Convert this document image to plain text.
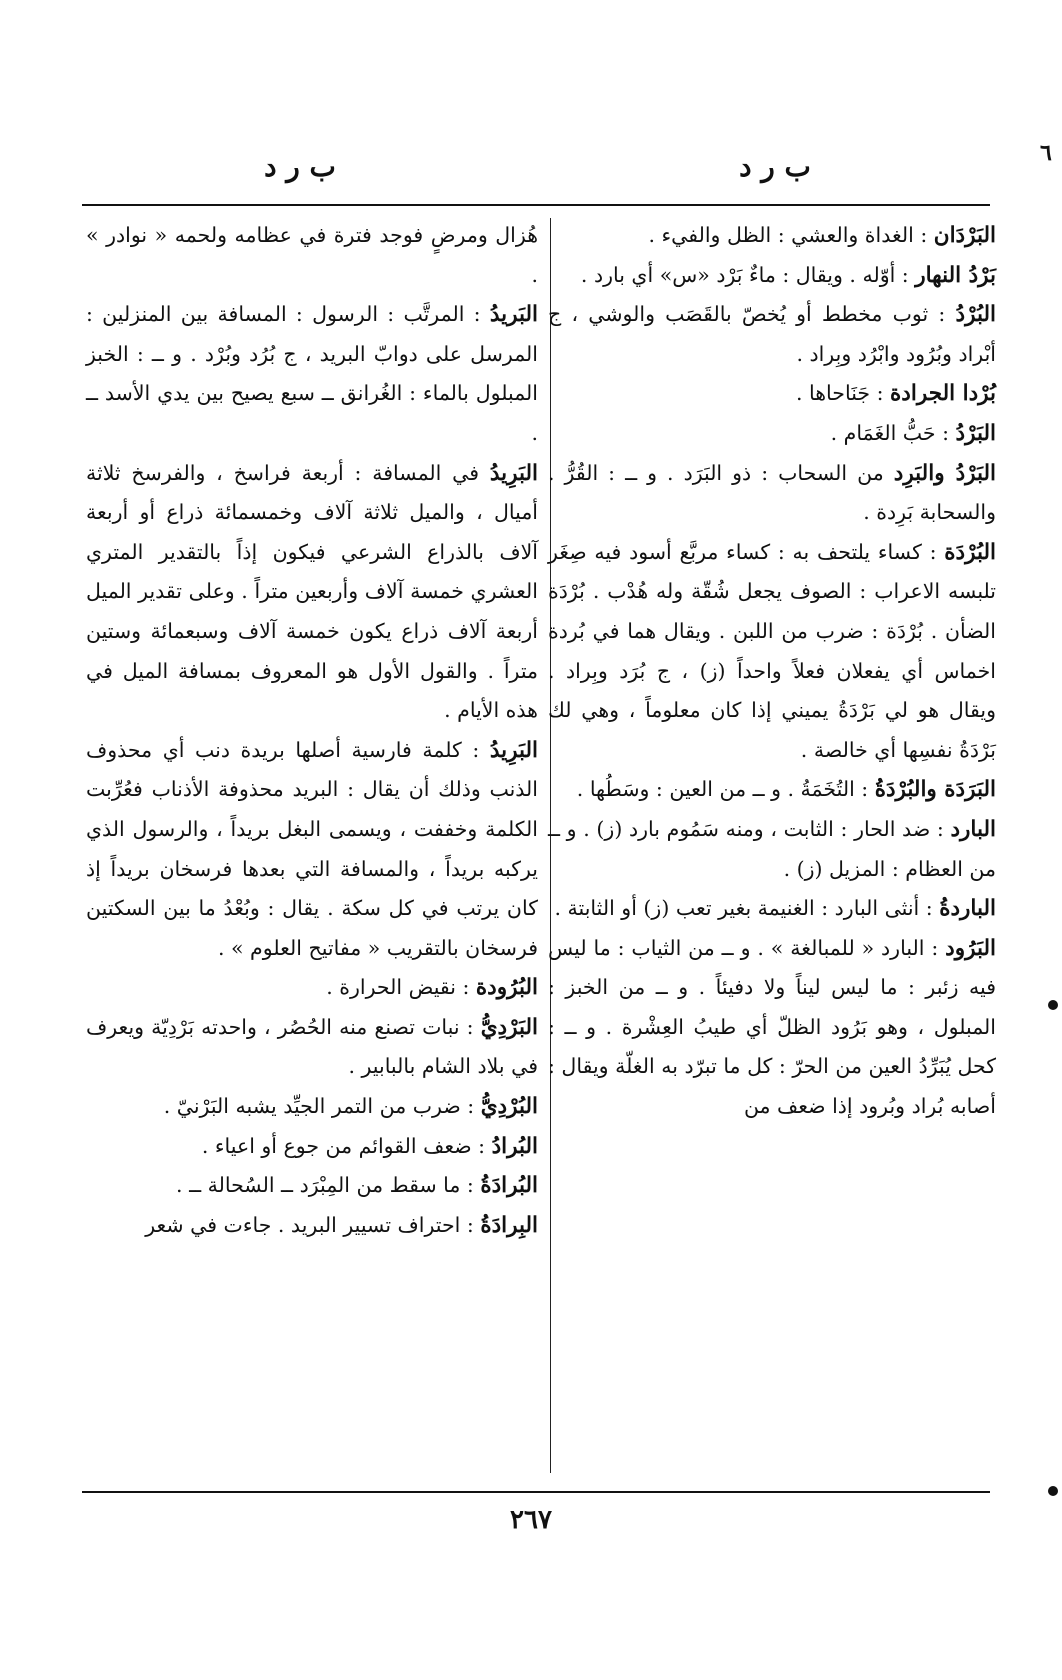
٦
ب ر د
ب ر د

البَرْدَان : الغداة والعشي : الظل والفيء .

بَرْدُ النهار : أوّله . ويقال : ماءٌ بَرْد «س» أي بارد .

البُرْدُ : ثوب مخطط أو يُخصّ بالقَصَب والوشي ، ج أبْراد وبُرُود وابْرُد وبِراد .

بُرْدا الجرادة : جَنَاحاها .

البَرْدُ : حَبُّ الغَمَام .

البَرْدُ والبَرِد من السحاب : ذو البَرَد . و ــ : القُرُّ . والسحابة بَرِدة .

البُرْدَة : كساء يلتحف به : كساء مربَّع أسود فيه صِغَر تلبسه الاعراب : الصوف يجعل شُقّة وله هُدْب . بُرْدَة الضأن . بُرْدَة : ضرب من اللبن . ويقال هما في بُردة اخماس أي يفعلان فعلاً واحداً (ز) ، ج بُرَد وبِراد . ويقال هو لي بَرْدَةُ يميني إذا كان معلوماً ، وهي لك بَرْدَةُ نفسِها أي خالصة .

البَرَدَة والبُرْدَةُ : التُخَمَةُ . و ــ من العين : وسَطُها .

البارد : ضد الحار : الثابت ، ومنه سَمُوم بارد (ز) . و ــ من العظام : المزيل (ز) .

الباردةُ : أنثى البارد : الغنيمة بغير تعب (ز) أو الثابتة .

البَرُود : البارد « للمبالغة » . و ــ من الثياب : ما ليس فيه زئبر : ما ليس ليناً ولا دفيئاً . و ــ من الخبز : المبلول ، وهو بَرُود الظلّ أي طيبُ العِشْرة . و ــ : كحل يُبَرِّدُ العين من الحرّ : كل ما تبرّد به الغلّة ويقال : أصابه بُراد وبُرود إذا ضعف من

هُزال ومرضٍ فوجد فترة في عظامه ولحمه « نوادر » .

البَريدُ : المرتَّب : الرسول : المسافة بين المنزلين : المرسل على دوابّ البريد ، ج بُرُد وبُرْد . و ــ : الخبز المبلول بالماء : الغُرانق ــ سبع يصيح بين يدي الأسد ــ .

البَرِيدُ في المسافة : أربعة فراسخ ، والفرسخ ثلاثة أميال ، والميل ثلاثة آلاف وخمسمائة ذراع أو أربعة آلاف بالذراع الشرعي فيكون إذاً بالتقدير المتري العشري خمسة آلاف وأربعين متراً . وعلى تقدير الميل أربعة آلاف ذراع يكون خمسة آلاف وسبعمائة وستين متراً . والقول الأول هو المعروف بمسافة الميل في هذه الأيام .

البَرِيدُ : كلمة فارسية أصلها بريدة دنب أي محذوف الذنب وذلك أن يقال : البريد محذوفة الأذناب فعُرِّبت الكلمة وخففت ، ويسمى البغل بريداً ، والرسول الذي يركبه بريداً ، والمسافة التي بعدها فرسخان بريداً إذ كان يرتب في كل سكة . يقال : وبُعْدُ ما بين السكتين فرسخان بالتقريب « مفاتيح العلوم » .

البُرُودة : نقيض الحرارة .

البَرْدِيُّ : نبات تصنع منه الحُصُر ، واحدته بَرْدِيّة ويعرف في بلاد الشام بالبابير .

البُرْدِيُّ : ضرب من التمر الجيِّد يشبه البَرْنيّ .

البُرادُ : ضعف القوائم من جوع أو اعياء .

البُرادَةُ : ما سقط من المِبْرَد ــ السُحالة ــ .

البِرادَةُ : احتراف تسيير البريد . جاءت في شعر

٢٦٧
